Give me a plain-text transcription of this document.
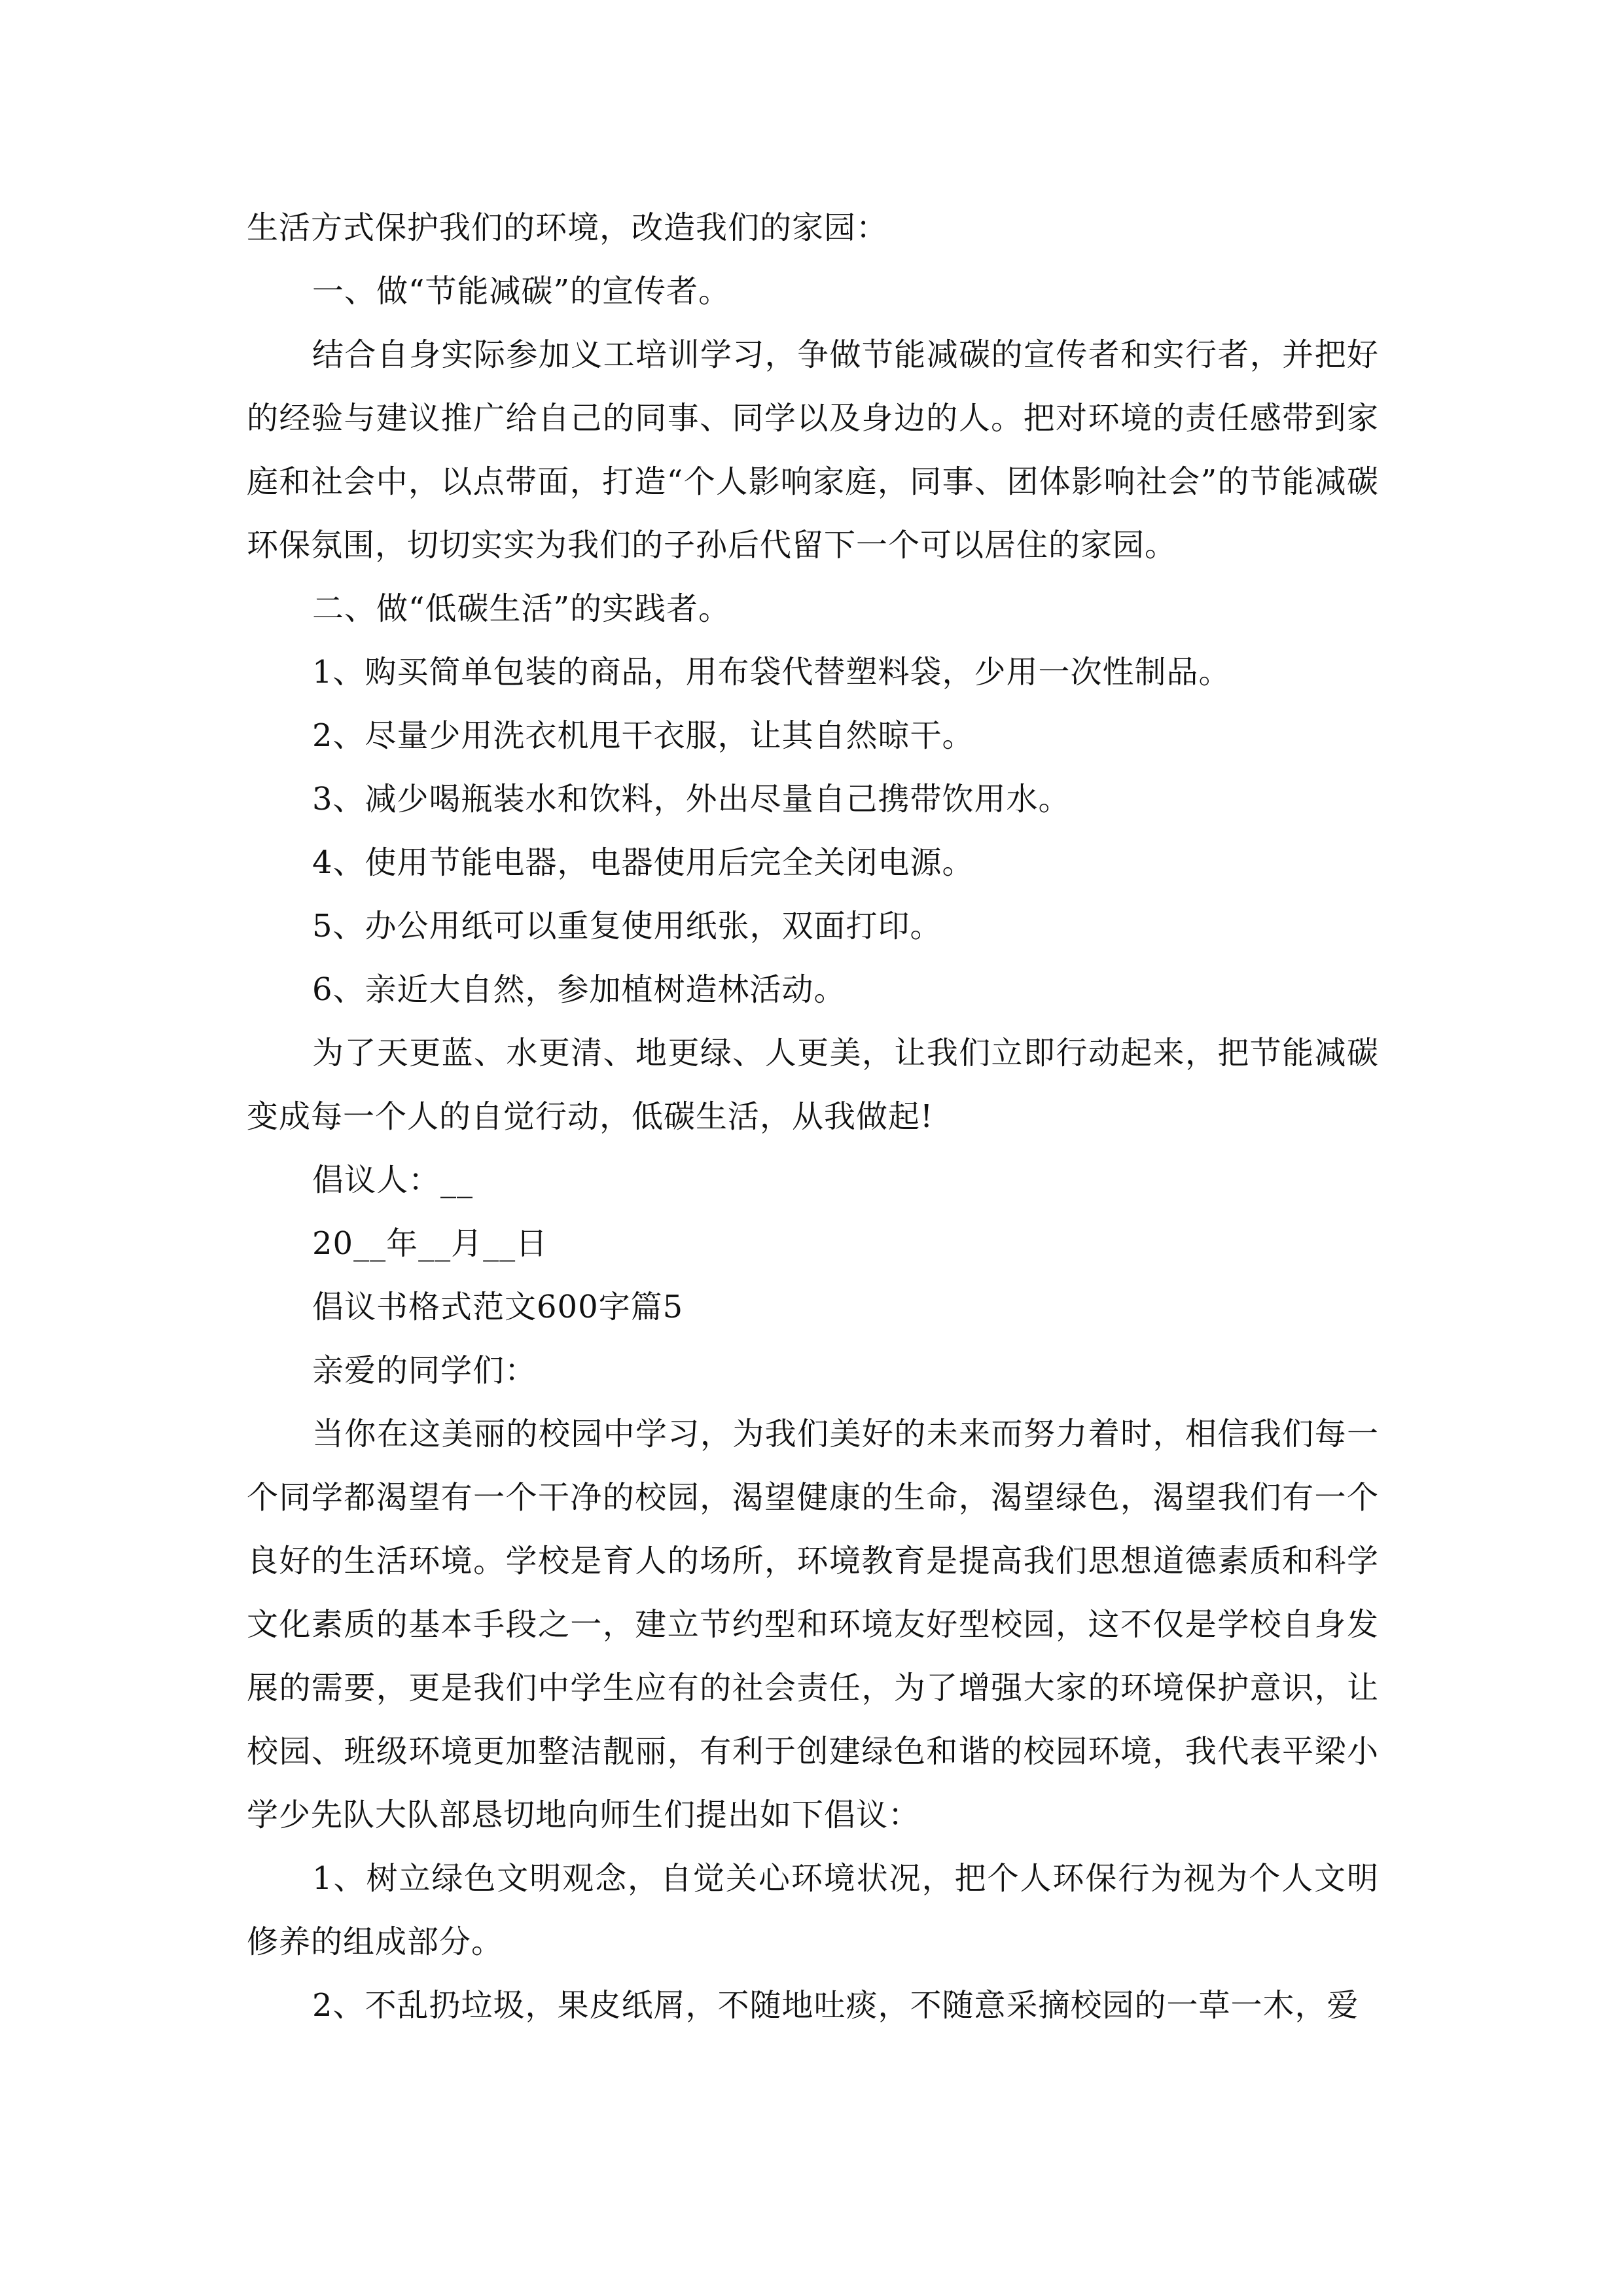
生活方式保护我们的环境，改造我们的家园：

一、做“节能减碳”的宣传者。

结合自身实际参加义工培训学习，争做节能减碳的宣传者和实行者，并把好的经验与建议推广给自己的同事、同学以及身边的人。把对环境的责任感带到家庭和社会中，以点带面，打造“个人影响家庭，同事、团体影响社会”的节能减碳环保氛围，切切实实为我们的子孙后代留下一个可以居住的家园。

二、做“低碳生活”的实践者。

1、购买简单包装的商品，用布袋代替塑料袋，少用一次性制品。

2、尽量少用洗衣机甩干衣服，让其自然晾干。

3、减少喝瓶装水和饮料，外出尽量自己携带饮用水。

4、使用节能电器，电器使用后完全关闭电源。

5、办公用纸可以重复使用纸张，双面打印。

6、亲近大自然，参加植树造林活动。

为了天更蓝、水更清、地更绿、人更美，让我们立即行动起来，把节能减碳变成每一个人的自觉行动，低碳生活，从我做起!

倡议人：__

20__年__月__日

倡议书格式范文600字篇5

亲爱的同学们：

当你在这美丽的校园中学习，为我们美好的未来而努力着时，相信我们每一个同学都渴望有一个干净的校园，渴望健康的生命，渴望绿色，渴望我们有一个良好的生活环境。学校是育人的场所，环境教育是提高我们思想道德素质和科学文化素质的基本手段之一，建立节约型和环境友好型校园，这不仅是学校自身发展的需要，更是我们中学生应有的社会责任，为了增强大家的环境保护意识，让校园、班级环境更加整洁靓丽，有利于创建绿色和谐的校园环境，我代表平梁小学少先队大队部恳切地向师生们提出如下倡议：

1、树立绿色文明观念，自觉关心环境状况，把个人环保行为视为个人文明修养的组成部分。

2、不乱扔垃圾，果皮纸屑，不随地吐痰，不随意采摘校园的一草一木，爱
